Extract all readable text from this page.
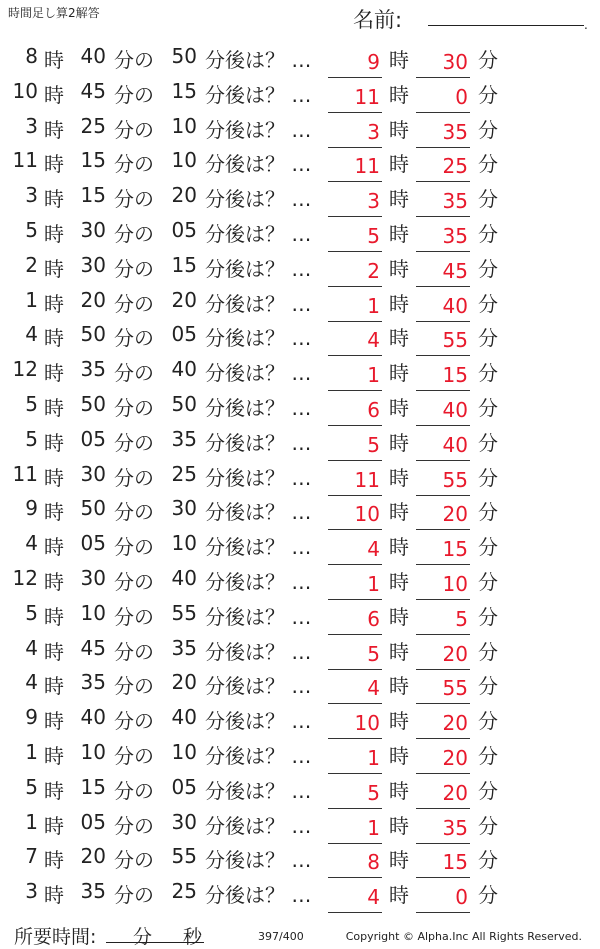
時間足し算2解答	名前:	.
8 時 40 分の 50 分後は？ …	9 時 30 分
10 時 45 分の 15 分後は？ … 11 時 0 分
3 時 25 分の 10 分後は？ …	3 時 35 分
11 時 15 分の 10 分後は？ … 11 時 25 分
3 時 15 分の 20 分後は？ …	3 時 35 分
5 時 30 分の 05 分後は？ …	5 時 35 分
2 時 30 分の 15 分後は？ …	2 時 45 分
1 時 20 分の 20 分後は？ …	1 時 40 分
4 時 50 分の 05 分後は？ …	4 時 55 分
12 時 35 分の 40 分後は？ …	1 時 15 分
5 時 50 分の 50 分後は？ …	6 時 40 分
5 時 05 分の 35 分後は？ …	5 時 40 分
11 時 30 分の 25 分後は？ … 11 時 55 分
9 時 50 分の 30 分後は？ … 10 時 20 分
4 時 05 分の 10 分後は？ …	4 時 15 分
12 時 30 分の 40 分後は？ …	1 時 10 分
5 時 10 分の 55 分後は？ …	6 時 5 分
4 時 45 分の 35 分後は？ …	5 時 20 分
4 時 35 分の 20 分後は？ …	4 時 55 分
9 時 40 分の 40 分後は？ … 10 時 20 分
1 時 10 分の 10 分後は？ …	1 時 20 分
5 時 15 分の 05 分後は？ …	5 時 20 分
1 時 05 分の 30 分後は？ …	1 時 35 分
7 時 20 分の 55 分後は？ …	8 時 15 分
3 時 35 分の 25 分後は？ …	4 時 0 分
所要時間: 分 秒	397/400	Copyright © Alpha.Inc All Rights Reserved.
